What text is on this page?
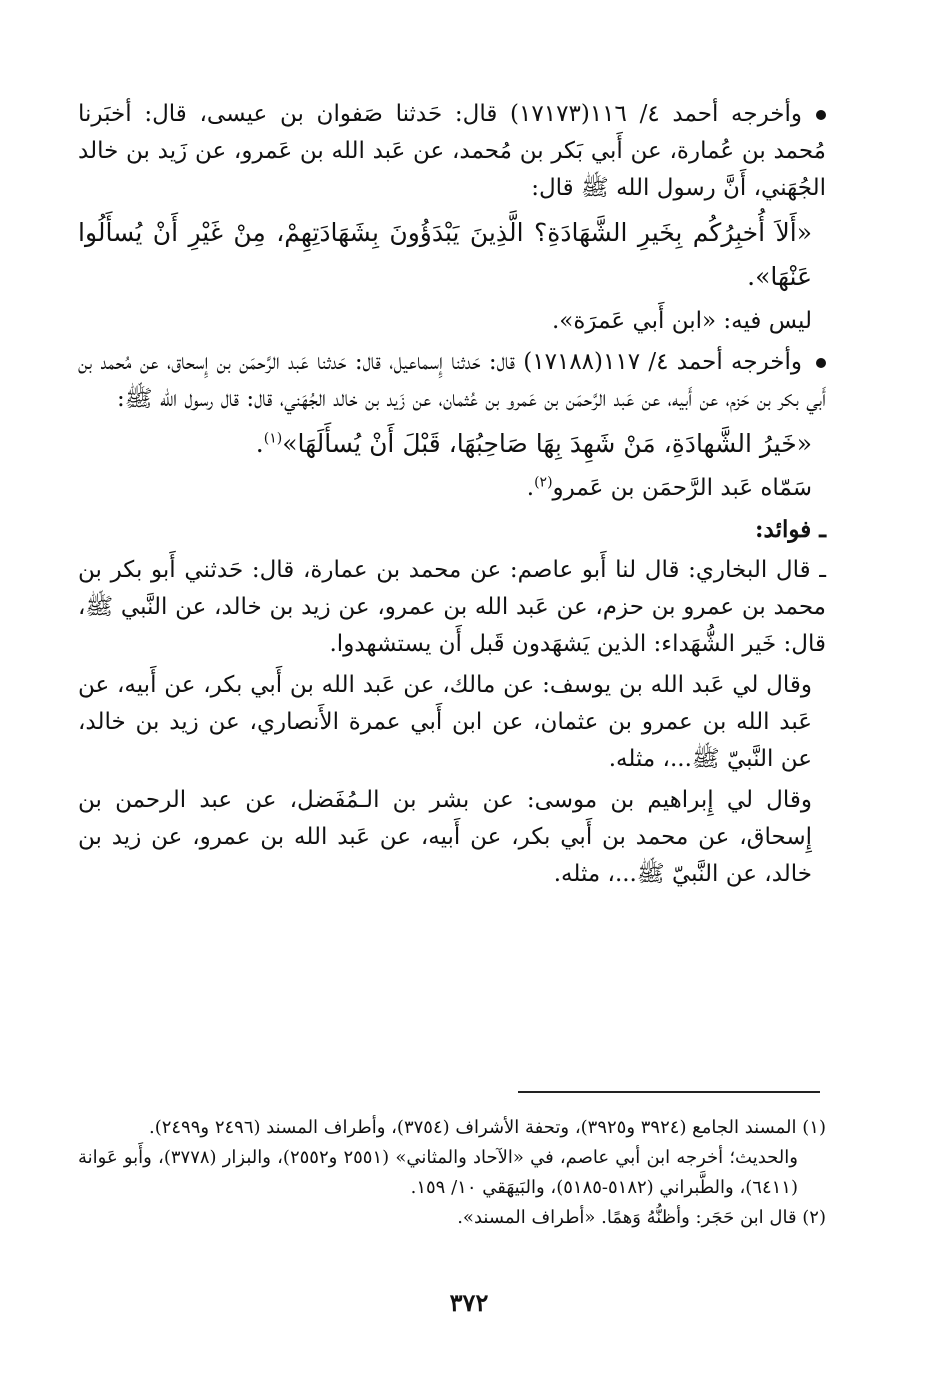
وأخرجه أحمد ٤/ ١١٦(١٧١٧٣) قال: حَدثنا صَفوان بن عيسى، قال: أخبَرنا مُحمد بن عُمارة، عن أَبي بَكر بن مُحمد، عن عَبد الله بن عَمرو، عن زَيد بن خالد الجُهَني، أَنَّ رسول الله ﷺ قال:

«أَلاَ أُخبِرُكُم بِخَيرِ الشَّهَادَةِ؟ الَّذِينَ يَبْدَؤُونَ بِشَهَادَتِهِمْ، مِنْ غَيْرِ أَنْ يُسأَلُوا عَنْهَا».

ليس فيه: «ابن أَبي عَمرَة».

وأخرجه أحمد ٤/ ١١٧(١٧١٨٨) قال: حَدثنا إِسماعيل، قال: حَدثنا عَبد الرَّحمَن بن إِسحاق، عن مُحمد بن أَبي بكر بن حَزم، عن أَبيه، عن عَبد الرَّحمَن بن عَمرو بن عُثمان، عن زَيد بن خالد الجُهَني، قال: قال رسول الله ﷺ:

«خَيرُ الشَّهادَةِ، مَنْ شَهِدَ بِهَا صَاحِبُهَا، قَبْلَ أَنْ يُسأَلَهَا»$^{(١)}$.

سَمّاه عَبد الرَّحمَن بن عَمرو$^{(٢)}$.

ـ فوائد:

ـ قال البخاري: قال لنا أَبو عاصم: عن محمد بن عمارة، قال: حَدثني أَبو بكر بن محمد بن عمرو بن حزم، عن عَبد الله بن عمرو، عن زيد بن خالد، عن النَّبي ﷺ، قال: خَير الشُّهَداء: الذين يَشهَدون قَبل أَن يستشهدوا.

وقال لي عَبد الله بن يوسف: عن مالك، عن عَبد الله بن أَبي بكر، عن أَبيه، عن عَبد الله بن عمرو بن عثمان، عن ابن أَبي عمرة الأَنصاري، عن زيد بن خالد، عن النَّبيّ ﷺ...، مثله.

وقال لي إِبراهيم بن موسى: عن بشر بن الـمُفَضل، عن عبد الرحمن بن إِسحاق، عن محمد بن أَبي بكر، عن أَبيه، عن عَبد الله بن عمرو، عن زيد بن خالد، عن النَّبيّ ﷺ...، مثله.

(١) المسند الجامع (٣٩٢٤ و٣٩٢٥)، وتحفة الأشراف (٣٧٥٤)، وأطراف المسند (٢٤٩٦ و٢٤٩٩).

والحديث؛ أخرجه ابن أبي عاصم، في «الآحاد والمثاني» (٢٥٥١ و٢٥٥٢)، والبزار (٣٧٧٨)، وأَبو عَوانة (٦٤١١)، والطَّبراني (٥١٨٢-٥١٨٥)، والبَيهَقي ١٠/ ١٥٩.

(٢) قال ابن حَجَر: وأظنُّهُ وَهمًا. «أطراف المسند».

٣٧٢
